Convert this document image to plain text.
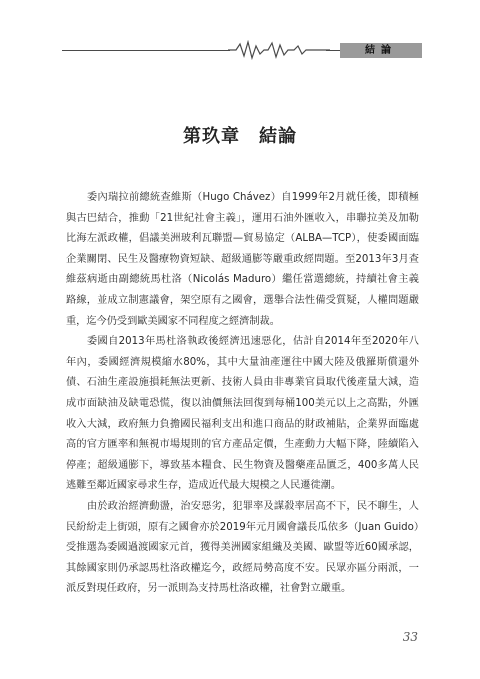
結論
第玖章　結論

委內瑞拉前總統查維斯（Hugo Chávez）自1999年2月就任後，即積極與古巴結合，推動「21世紀社會主義」，運用石油外匯收入，串聯拉美及加勒比海左派政權，倡議美洲玻利瓦聯盟—貿易協定（ALBA—TCP），使委國面臨企業關閉、民生及醫療物資短缺、超級通膨等嚴重政經問題。至2013年3月查維茲病逝由副總統馬杜洛（Nicolás Maduro）繼任當選總統，持續社會主義路線，並成立制憲議會，架空原有之國會，選舉合法性備受質疑，人權問題嚴重，迄今仍受到歐美國家不同程度之經濟制裁。

委國自2013年馬杜洛執政後經濟迅速惡化，估計自2014年至2020年八年內，委國經濟規模縮水80%，其中大量油產運往中國大陸及俄羅斯償還外債、石油生產設施損耗無法更新、技術人員由非專業官員取代後產量大減，造成市面缺油及缺電恐慌，復以油價無法回復到每桶100美元以上之高點，外匯收入大減，政府無力負擔國民福利支出和進口商品的財政補貼，企業界面臨處高的官方匯率和無視市場規則的官方產品定價，生產動力大幅下降，陸續陷入停產；超級通膨下，導致基本糧食、民生物資及醫藥產品匱乏，400多萬人民逃難至鄰近國家尋求生存，造成近代最大規模之人民遷徙潮。

由於政治經濟動盪，治安惡劣，犯罪率及謀殺率居高不下，民不聊生，人民紛紛走上街頭，原有之國會亦於2019年元月國會議長瓜依多（Juan Guido）受推選為委國過渡國家元首，獲得美洲國家組織及美國、歐盟等近60國承認，其餘國家則仍承認馬杜洛政權迄今，政經局勢高度不安。民眾亦區分兩派，一派反對現任政府，另一派則為支持馬杜洛政權，社會對立嚴重。

33
